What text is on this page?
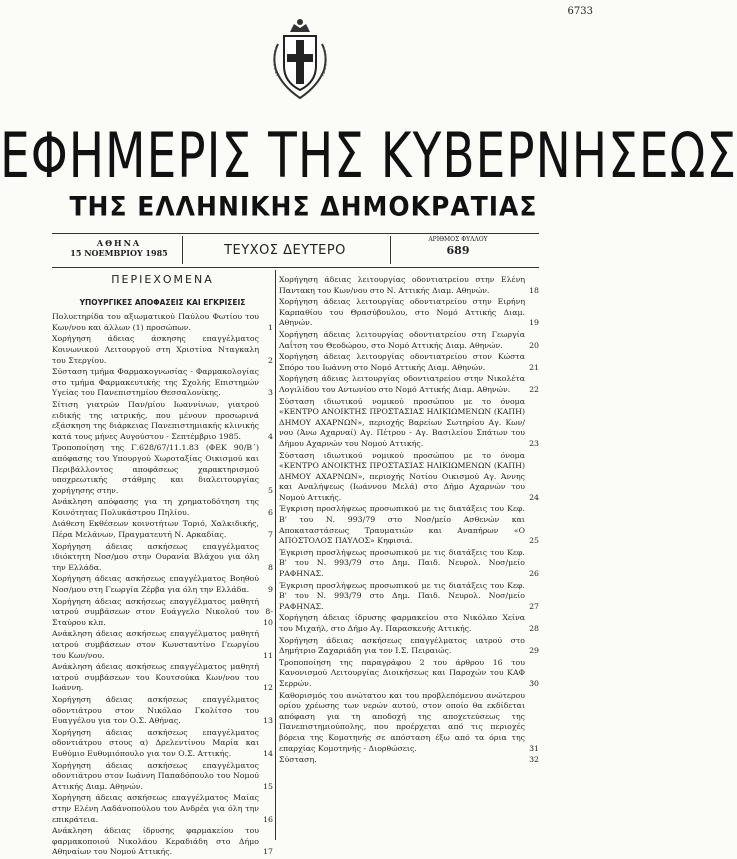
6733
ΕΦΗΜΕΡΙΣ ΤΗΣ ΚΥΒΕΡΝΗΣΕΩΣ
ΤΗΣ ΕΛΛΗΝΙΚΗΣ ΔΗΜΟΚΡΑΤΙΑΣ
ΑΘΗΝΑ
15 ΝΟΕΜΒΡΙΟΥ 1985	ΤΕΥΧΟΣ ΔΕΥΤΕΡΟ
ΑΡΙΘΜΟΣ ΦΥΛΛΟΥ
689
ΠΕΡΙΕΧΟΜΕΝΑ
ΥΠΟΥΡΓΙΚΕΣ ΑΠΟΦΑΣΕΙΣ ΚΑΙ ΕΓΚΡΙΣΕΙΣ
Πολυετηρίδα του αξιωματικού Παύλου Φωτίου του Κων/νου και άλλων (1) προσώπων.	1
Χορήγηση άδειας άσκησης επαγγέλματος Κοινωνικού Λειτουργού στη Χριστίνα Νταγκαλη του Στεργίου.	2
Σύσταση τμήμα Φαρμακογνωσίας - Φαρμακολογίας στο τμήμα Φαρμακευτικής της Σχολής Επιστημών Υγείας του Πανεπιστημίου Θεσσαλονίκης.	3
Σίτιση γιατρών Παν/μίου Ιωαννίνων, γιατρού ειδικής της ιατρικής, που μένουν προσωρινά εξάσκηση της διάρκειας Πανεπιστημιακής κλινικής κατά τους μήνες Αυγούστου - Σεπτέμβριο 1985.	4
Τροποποίηση της Γ.628/67/11.1.83 (ΦΕΚ 90/Β΄) απόφασης του Υπουργού Χωροταξίας Οικισμού και Περιβάλλοντος αποφάσεως χαρακτηρισμού υποχρεωτικής στάθμης και διαλειτουργίας χορήγησης στην.	5
Ανάκληση απόφασης για τη χρηματοδότηση της Κοινότητας Πολυκάστρου Πηλίου.	6
Διάθεση Εκθέσεων κοινοτήτων Τοριό, Χαλκιδικής, Πέρα Μελάνων, Πραγματευτή Ν. Αρκαδίας.	7
Χορήγηση άδειας ασκήσεως επαγγέλματος ιδιόκτητη Νοσ/μου στην Ουρανία Βλάχου για όλη την Ελλάδα.	8
Χορήγηση άδειας ασκήσεως επαγγέλματος Βοηθού Νοσ/μου στη Γεωργία Ζέρβα για όλη την Ελλάδα.	9
Χορήγηση άδειας ασκήσεως επαγγέλματος μαθητή ιατρού συμβάσεων στον Ευάγγελο Νικολού του Σταύρου κλπ.
8-10
Ανάκληση άδειας ασκήσεως επαγγέλματος μαθητή ιατρού συμβάσεων στον Κωνσταντίνο Γεωργίου του Κων/νου.	11
Ανάκληση άδειας ασκήσεως επαγγέλματος μαθητή ιατρού συμβάσεων του Κουτσούκα Κων/νου του Ιωάννη.	12
Χορήγηση άδειας ασκήσεως επαγγέλματος οδοντιάτρου στον Νικόλαο Γκολίτσο του Ευαγγέλου για τον Ο.Σ. Αθήνας.	13
Χορήγηση άδειας ασκήσεως επαγγέλματος οδοντιάτρου στους α) Δρελεντίνου Μαρία και Ευθύμιο Ευθυμιόπουλο για τον Ο.Σ. Αττικής.	14
Χορήγηση άδειας ασκήσεως επαγγέλματος οδοντιάτρου στον Ιωάννη Παπαδόπουλο του Νομού Αττικής Διαμ. Αθηνών.	15
Χορήγηση άδειας ασκήσεως επαγγέλματος Μαίας στην Ελένη Λαδάνοπούλου του Ανδρέα για όλη την επικράτεια.	16
Ανάκληση άδειας ίδρυσης φαρμακείου του φαρμακοποιού Νικολάου Κεραδιάδη στο Δήμο Αθηναίων του Νομού Αττικής.	17
Χορήγηση άδειας λειτουργίας οδοντιατρείου στην Ελένη Παντακη του Κων/νου στο Ν. Αττικής Διαμ. Αθηνών.	18
Χορήγηση άδειας λειτουργίας οδοντιατρείου στην Ειρήνη Καρπαθίου του Θρασύβουλου, στο Νομό Αττικής Διαμ. Αθηνών.	19
Χορήγηση άδειας λειτουργίας οδοντιατρείου στη Γεωργία Λαΐτση του Θεοδώρου, στο Νομό Αττικής Διαμ. Αθηνών.	20
Χορήγηση άδειας λειτουργίας οδοντιατρείου στον Κώστα Σπόρο του Ιωάννη στο Νομό Αττικής Διαμ. Αθηνών.	21
Χορήγηση άδειας λειτουργίας οδοντιατρείου στην Νικολέτα Λογιλίδου του Αντωνίου στο Νομό Αττικής Διαμ. Αθηνών.	22
Σύσταση ιδιωτικού νομικού προσώπου με το όνομα «ΚΕΝΤΡΟ ΑΝΟΙΚΤΗΣ ΠΡΟΣΤΑΣΙΑΣ ΗΛΙΚΙΩΜΕΝΩΝ (ΚΑΠΗ) ΔΗΜΟΥ ΑΧΑΡΝΩΝ», περιοχής Βαρείων Σωτηρίου Αγ. Κων/νου (Άνω Αχαρναί) Αγ. Πέτρου - Αγ. Βασιλείου Σπάτων του Δήμου Αχαρνών του Νομού Αττικής.	23
Σύσταση ιδιωτικού νομικού προσώπου με το όνομα «ΚΕΝΤΡΟ ΑΝΟΙΚΤΗΣ ΠΡΟΣΤΑΣΙΑΣ ΗΛΙΚΙΩΜΕΝΩΝ (ΚΑΠΗ) ΔΗΜΟΥ ΑΧΑΡΝΩΝ», περιοχής Νοτίου Οικισμού Αγ. Άννης και Αναλήψεως (Ιωάννου Μελά) στο Δήμο Αχαρνών του Νομού Αττικής.	24
Έγκριση προσλήψεως προσωπικού με τις διατάξεις του Κεφ. Β' του Ν. 993/79 στο Νοσ/μείο Ασθενών και Αποκαταστάσεως Τραυματιών και Αναπήρων «Ο ΑΠΟΣΤΟΛΟΣ ΠΑΥΛΟΣ» Κηφισιά.	25
Έγκριση προσλήψεως προσωπικού με τις διατάξεις του Κεφ. Β' του Ν. 993/79 στο Δημ. Παιδ. Νευρολ. Νοσ/μείο ΡΑΦΗΝΑΣ.	26
Έγκριση προσλήψεως προσωπικού με τις διατάξεις του Κεφ. Β' του Ν. 993/79 στο Δημ. Παιδ. Νευρολ. Νοσ/μείο ΡΑΦΗΝΑΣ.	27
Χορήγηση άδειας ίδρυσης φαρμακείου στο Νικόλαο Χείνα του Μιχαήλ, στο Δήμο Αγ. Παρασκευής Αττικής.	28
Χορήγηση άδειας ασκήσεως επαγγέλματος ιατρού στο Δημήτριο Ζαχαριάδη για τον Ι.Σ. Πειραιώς.	29
Τροποποίηση της παραγράφου 2 του άρθρου 16 του Κανονισμού Λειτουργίας Διοικήσεως και Παροχών του ΚΑΦ Σερρών.	30
Καθορισμός του ανώτατου και του προβλεπόμενου ανώτερου ορίου χρέωσης των νερών αυτού, στον οποίο θα εκδίδεται απόφαση για τη αποδοχή της αποχετεύσεως της Πανεπιστημιούπολης, που προέρχεται από τις περιοχές βόρεια της Κομοτηνής σε απόσταση έξω από τα όρια της επαρχίας Κομοτηνής - Διορθώσεις.	31
Σύσταση.	32
